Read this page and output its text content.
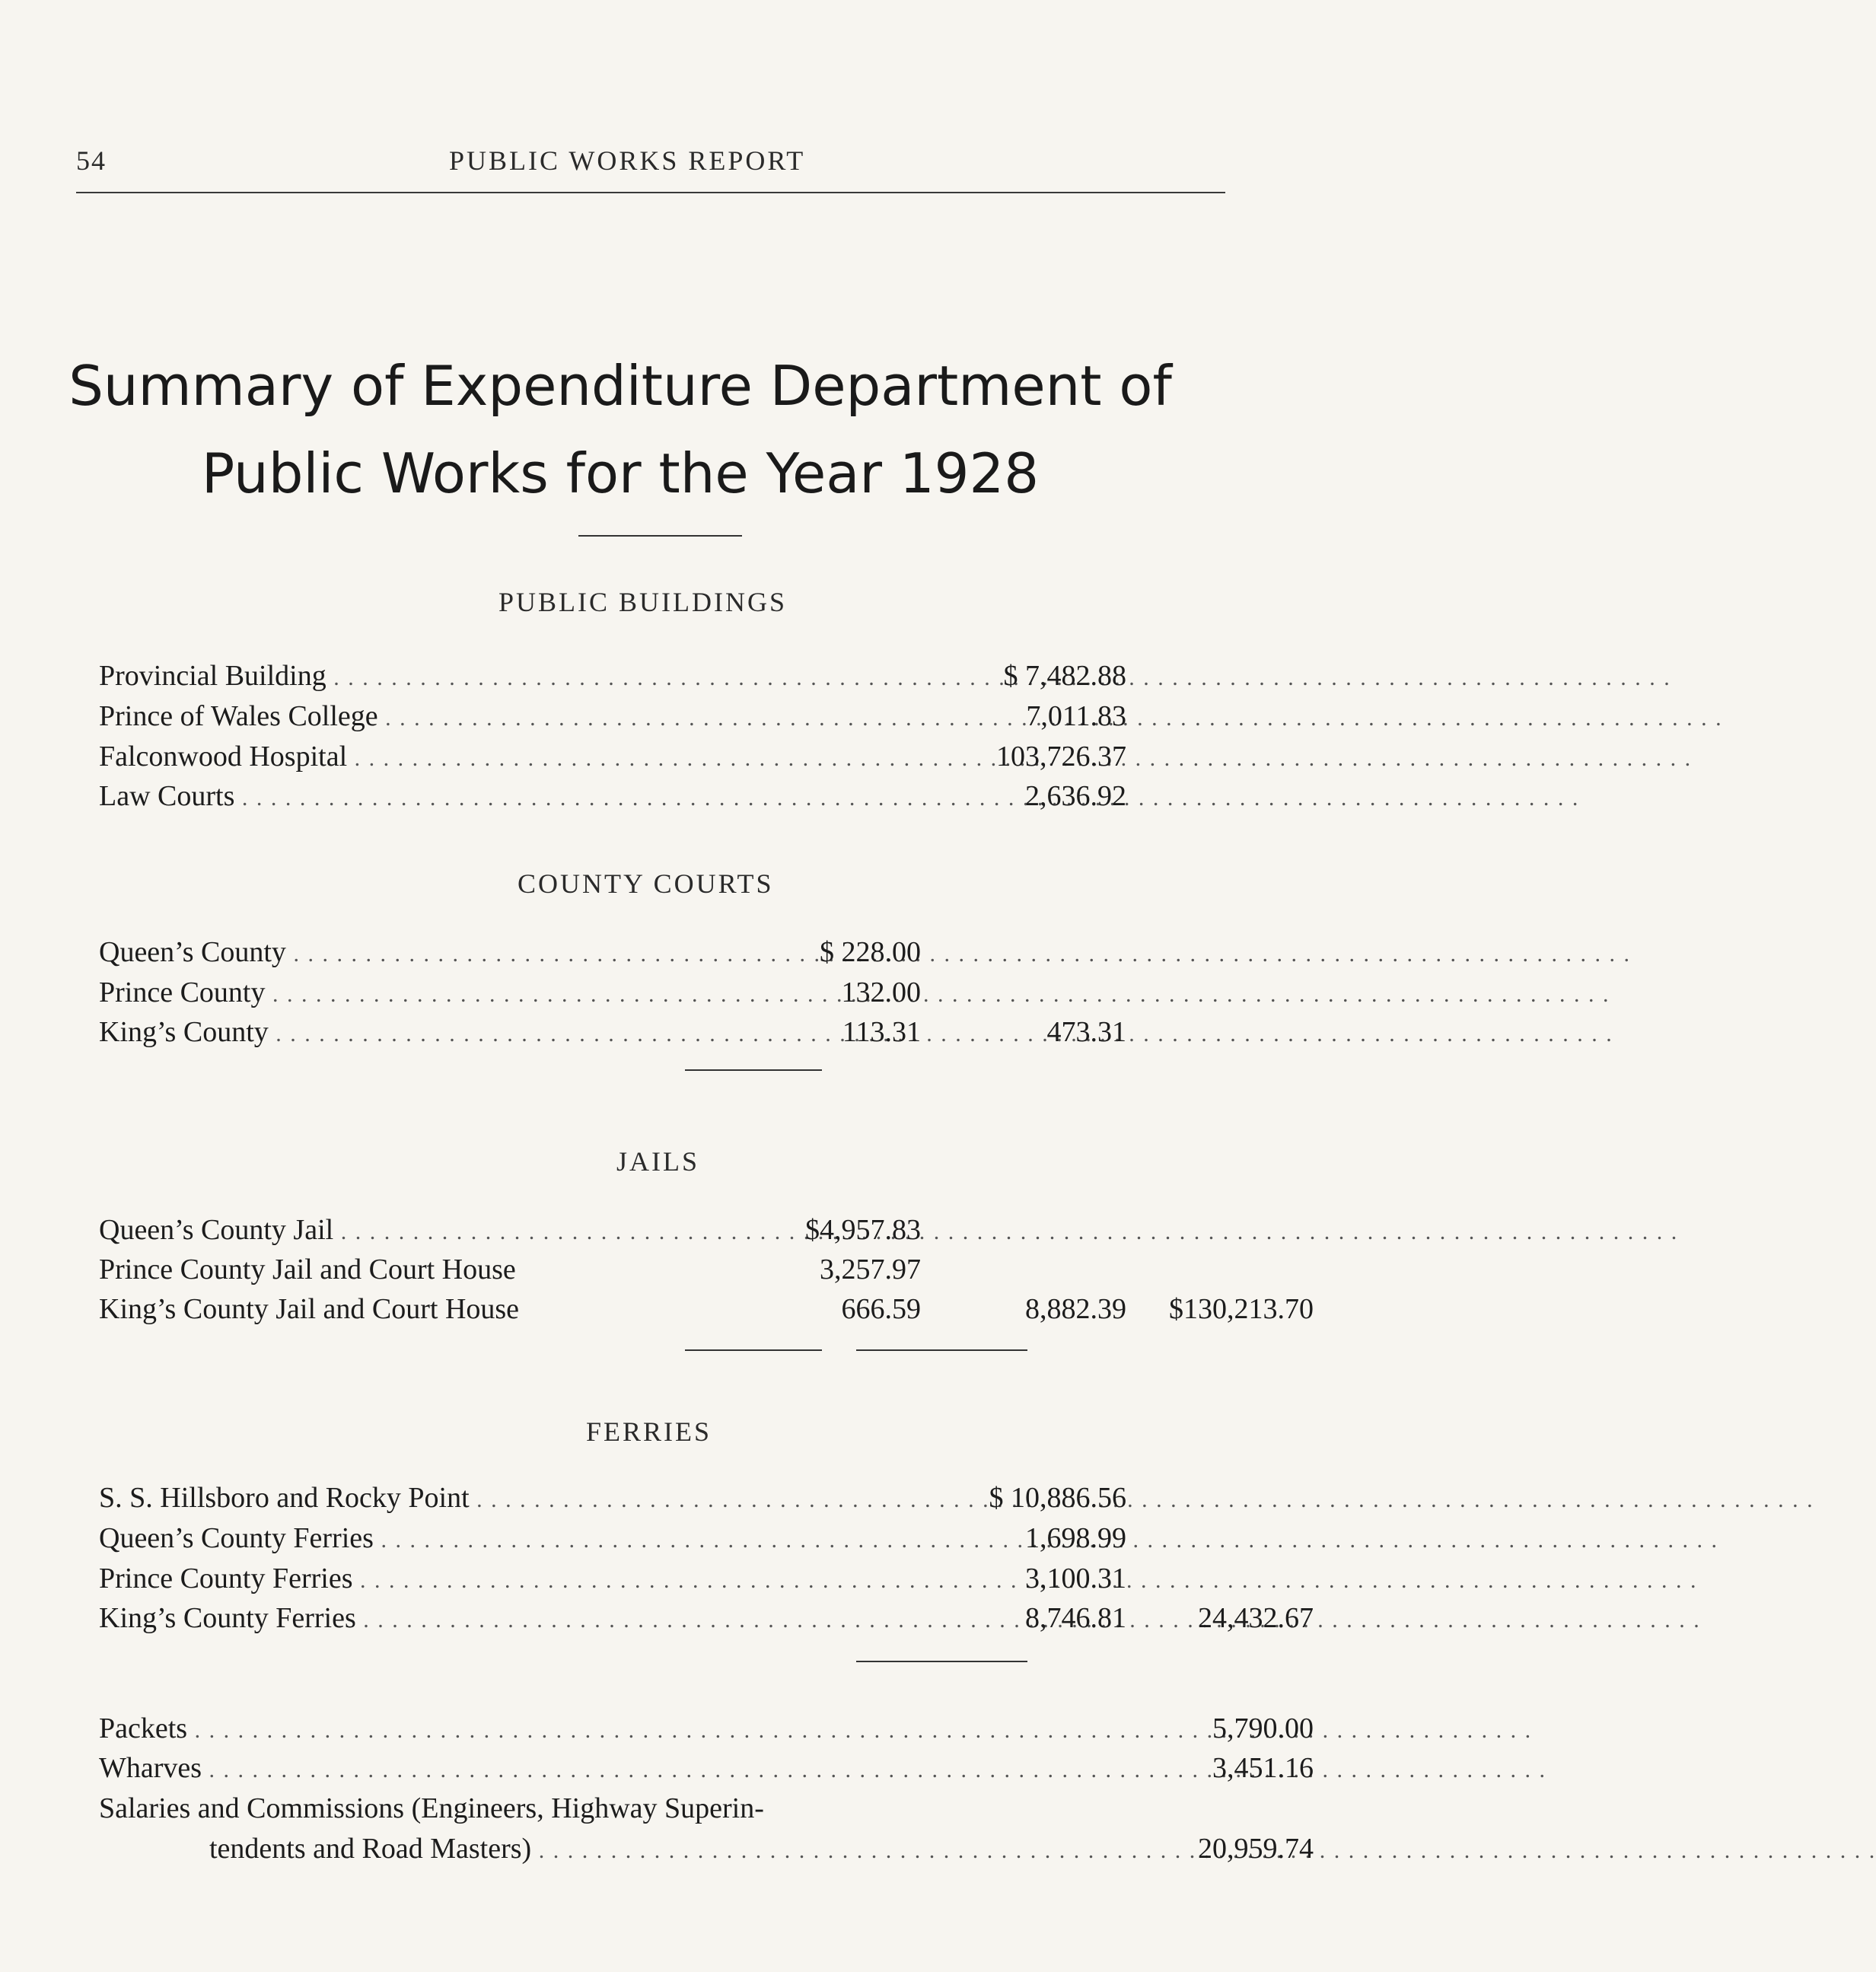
54	PUBLIC WORKS REPORT
Summary of Expenditure Department of
Public Works for the Year 1928
PUBLIC BUILDINGS
Provincial Building . . .	$ 7,482.88
Prince of Wales College . . .	7,011.83
Falconwood Hospital . . .	103,726.37
Law Courts . . .	2,636.92
COUNTY COURTS
Queen’s County . . .	$ 228.00
Prince County . . .	132.00
King’s County . . .	113.31	473.31
JAILS
Queen’s County Jail . . .	$4,957.83
Prince County Jail and Court House	3,257.97
King’s County Jail and Court House	666.59	8,882.39	$130,213.70
FERRIES
S. S. Hillsboro and Rocky Point . . .	$ 10,886.56
Queen’s County Ferries . . .	1,698.99
Prince County Ferries . . .	3,100.31
King’s County Ferries . . .	8,746.81	24,432.67
Packets . . .	5,790.00
Wharves . . .	3,451.16
Salaries and Commissions (Engineers, Highway Superin-
tendents and Road Masters) . . .	20,959.74
